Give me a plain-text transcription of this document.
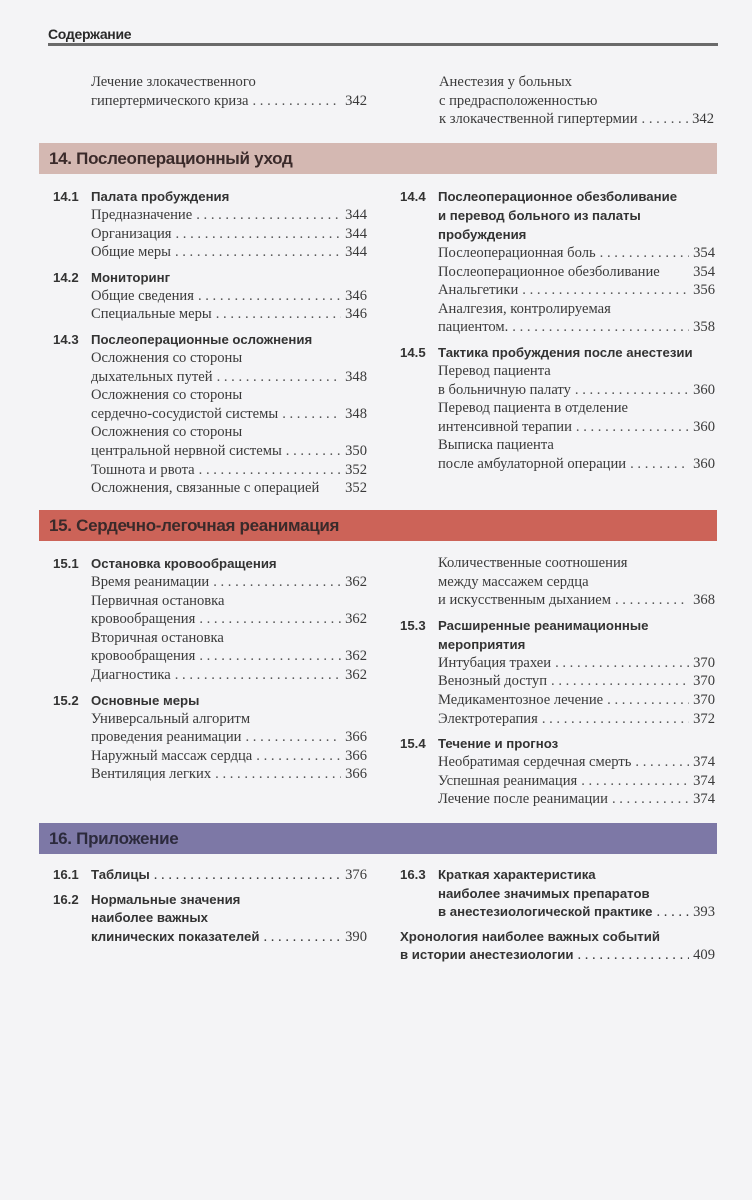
Содержание
Лечение злокачественного
гипертермического криза . . .	342
Анестезия у больных
с предрасположенностью
к злокачественной гипертермии . . .	342
14. Послеоперационный уход
14.1 Палата пробуждения
Предназначение . . .	344
Организация . . .	344
Общие меры . . .	344
14.2 Мониторинг
Общие сведения . . .	346
Специальные меры . . .	346
14.3 Послеоперационные осложнения
Осложнения со стороны
дыхательных путей . . .	348
Осложнения со стороны
сердечно-сосудистой системы . . .	348
Осложнения со стороны
центральной нервной системы . . .	350
Тошнота и рвота . . .	352
Осложнения, связанные с операцией 352
14.4 Послеоперационное обезболивание
и перевод больного из палаты
пробуждения
Послеоперационная боль . . .	354
Послеоперационное обезболивание 354
Анальгетики . . .	356
Аналгезия, контролируемая
пациентом. . . .	358
14.5 Тактика пробуждения после анестезии
Перевод пациента
в больничную палату . . .	360
Перевод пациента в отделение
интенсивной терапии . . .	360
Выписка пациента
после амбулаторной операции . . .	360
15. Сердечно-легочная реанимация
15.1 Остановка кровообращения
Время реанимации . . .	362
Первичная остановка
кровообращения . . .	362
Вторичная остановка
кровообращения . . .	362
Диагностика . . .	362
15.2 Основные меры
Универсальный алгоритм
проведения реанимации . . .	366
Наружный массаж сердца . . .	366
Вентиляция легких . . .	366
Количественные соотношения
между массажем сердца
и искусственным дыханием . . .	368
15.3 Расширенные реанимационные
мероприятия
Интубация трахеи . . .	370
Венозный доступ . . .	370
Медикаментозное лечение . . .	370
Электротерапия . . .	372
15.4 Течение и прогноз
Необратимая сердечная смерть . . .	374
Успешная реанимация . . .	374
Лечение после реанимации . . .	374
16. Приложение
16.1 Таблицы . . .	376
16.2 Нормальные значения
наиболее важных
клинических показателей . . .	390
16.3 Краткая характеристика
наиболее значимых препаратов
в анестезиологической практике . . .	393
Хронология наиболее важных событий
в истории анестезиологии . . .	409
